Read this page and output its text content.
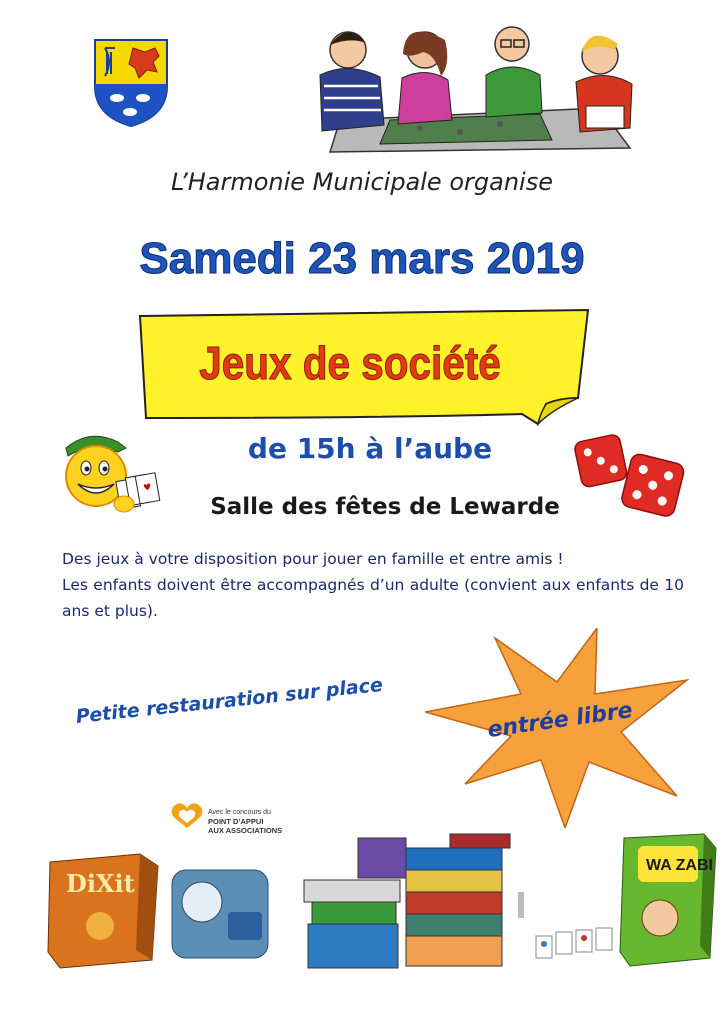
L’Harmonie Municipale organise
Samedi 23 mars 2019
Jeux de société
♥
de 15h à l’aube
Salle des fêtes de Lewarde

Des jeux à votre disposition pour jouer en famille et entre amis !

Les enfants doivent être accompagnés d’un adulte (convient aux enfants de 10 ans et plus).

entrée libre
Petite restauration sur place
Avec le concours du
POINT D’APPUI
AUX ASSOCIATIONS
DiXit
WA ZABI
